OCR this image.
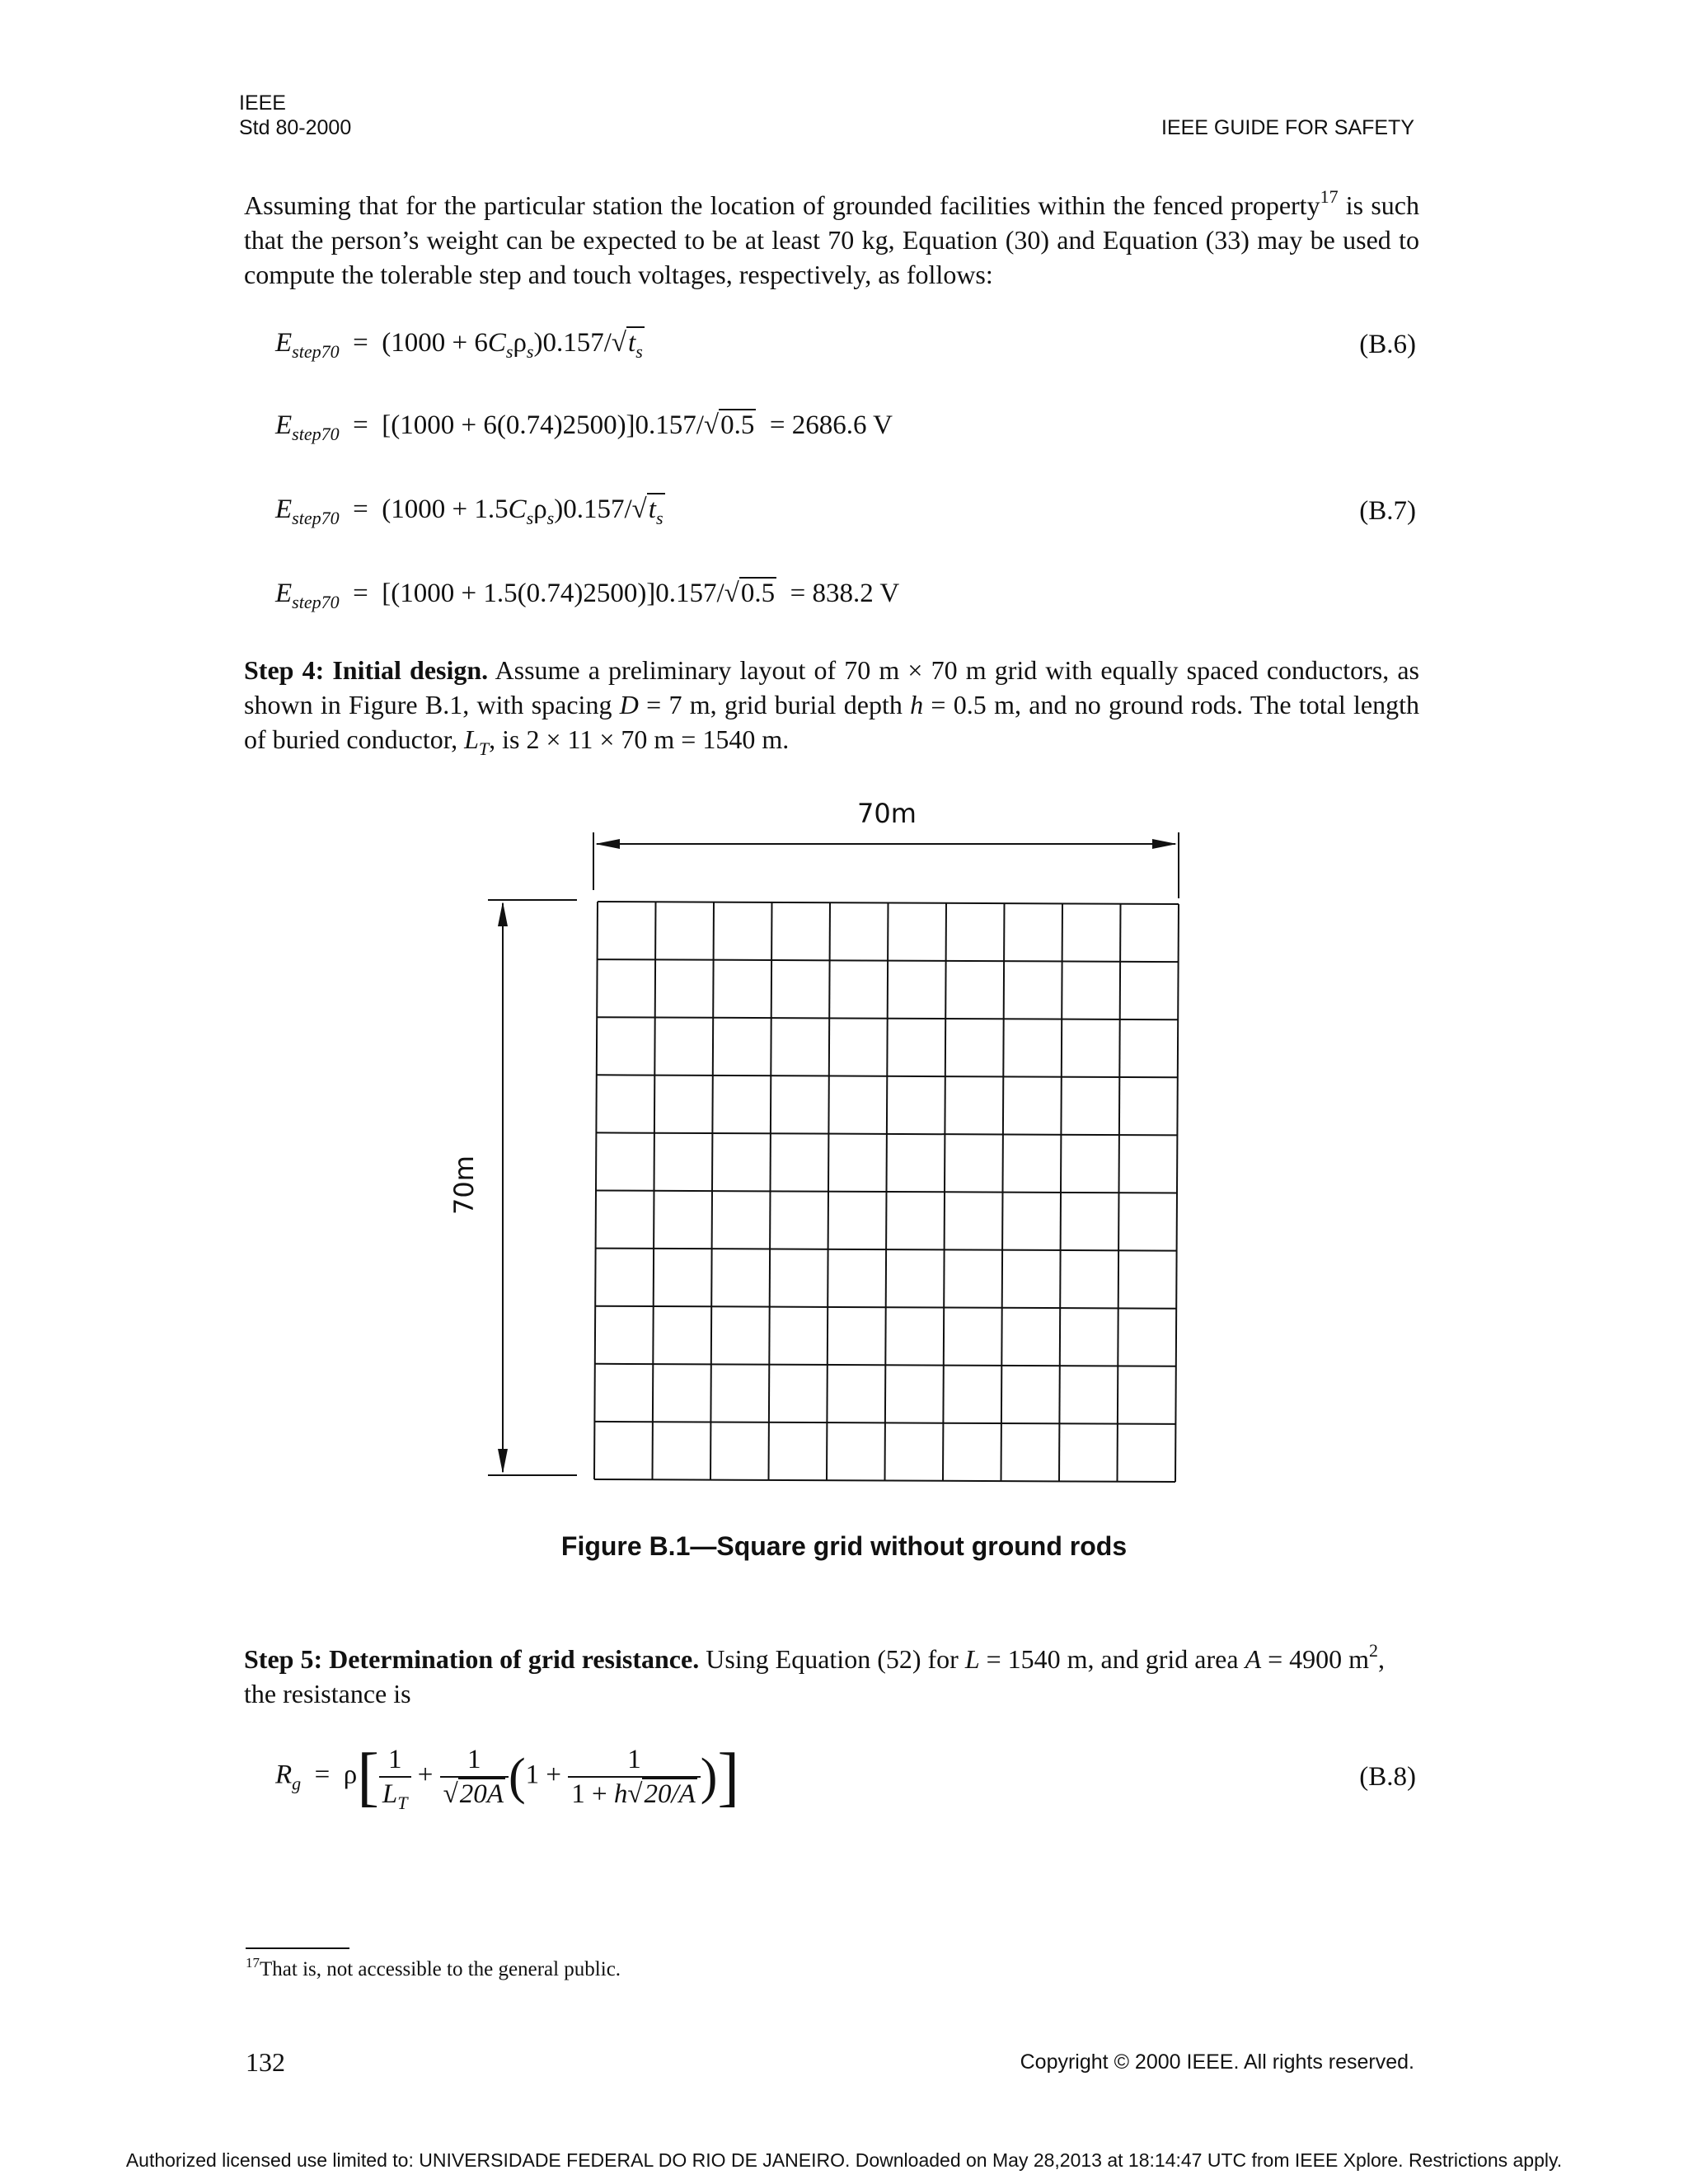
IEEE
Std 80-2000	IEEE GUIDE FOR SAFETY
Assuming that for the particular station the location of grounded facilities within the fenced property$^{17}$ is such that the person’s weight can be expected to be at least 70 kg, Equation (30) and Equation (33) may be used to compute the tolerable step and touch voltages, respectively, as follows:
$E_{step70} = (1000 + 6C_s\rho_s)0.157/√t_s$	(B.6)
$E_{step70} = [(1000 + 6(0.74)2500)]0.157/√0.5 = 2686.6$ V
$E_{step70} = (1000 + 1.5C_s\rho_s)0.157/√t_s$	(B.7)
$E_{step70} = [(1000 + 1.5(0.74)2500)]0.157/√0.5 = 838.2$ V
Step 4: Initial design. Assume a preliminary layout of 70 m × 70 m grid with equally spaced conductors, as shown in Figure B.1, with spacing D = 7 m, grid burial depth h = 0.5 m, and no ground rods. The total length of buried conductor, $L_T$, is 2 × 11 × 70 m = 1540 m.
70m
70m
Figure B.1—Square grid without ground rods
Step 5: Determination of grid resistance. Using Equation (52) for L = 1540 m, and grid area A = 4900 $m^2$,
the resistance is
$R_g = \rho[ \frac{1}{L_T} + \frac{1}{√20A} (1 + \frac{1}{1 + h√20/A}$ )]	(B.8)
$^{17}$That is, not accessible to the general public.
132	Copyright © 2000 IEEE. All rights reserved.
Authorized licensed use limited to: UNIVERSIDADE FEDERAL DO RIO DE JANEIRO. Downloaded on May 28,2013 at 18:14:47 UTC from IEEE Xplore. Restrictions apply.
